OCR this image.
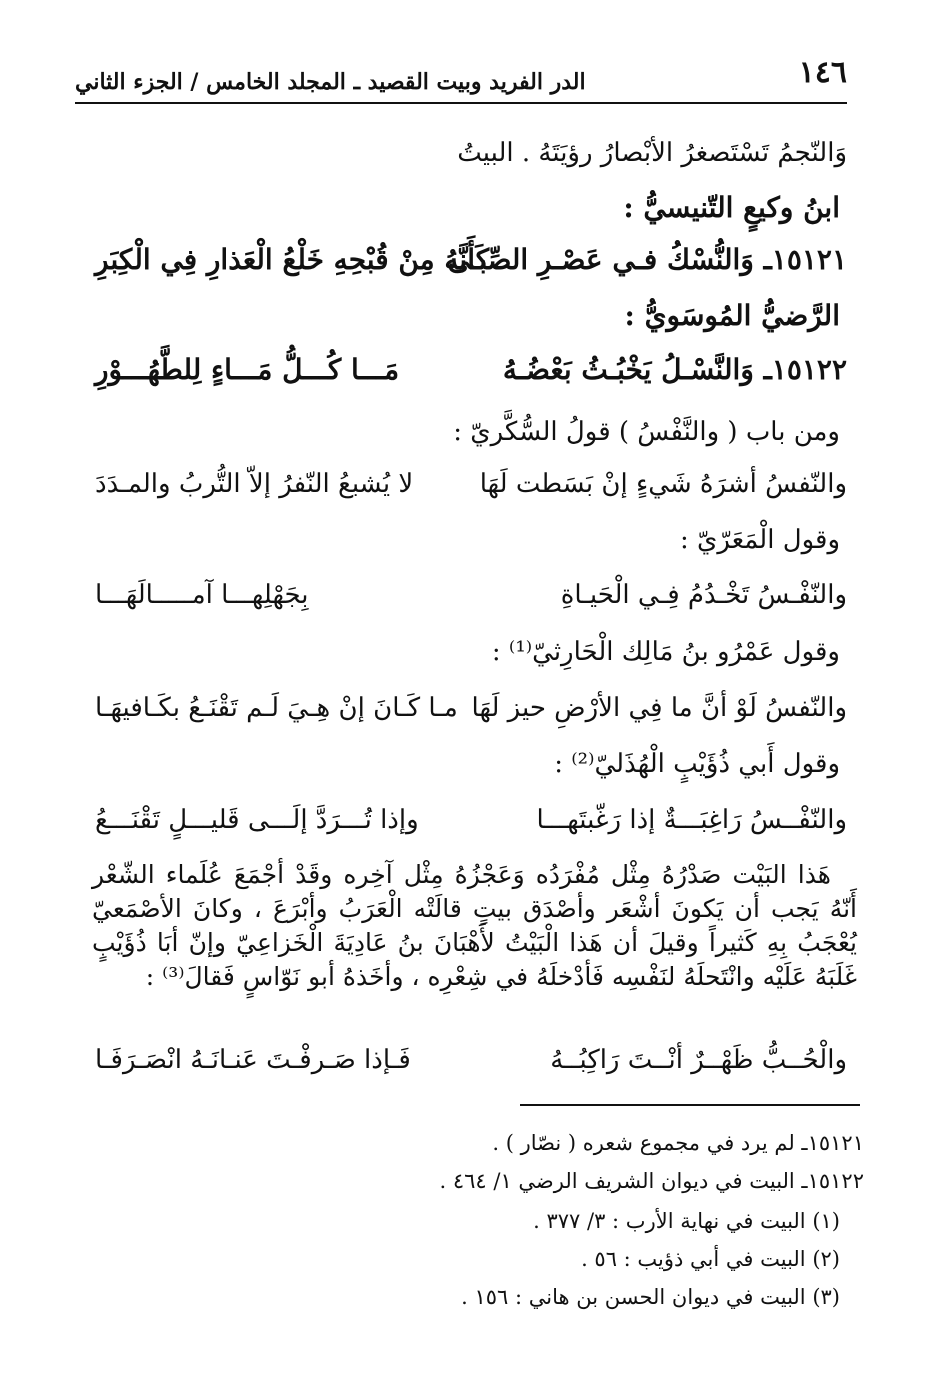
١٤٦
الدر الفريد وبيت القصيد ـ المجلد الخامس / الجزء الثاني
وَالنّجمُ تَسْتَصغرُ الأبْصارُ رؤيَتَهُ . البيتُ
ابنُ وكيعٍ التّنيسيُّ :
١٥١٢١ـ وَالنُّسْكُ فـي عَصْـرِ الصِّبـى
كَأَنَّهُ مِنْ قُبْحِهِ خَلْعُ الْعَذارِ فِي الْكِبَرِ
الرَّضيُّ المُوسَويُّ :
١٥١٢٢ـ وَالنَّسْـلُ يَخْبُـثُ بَعْضُـهُ
مَـــا كُـــلُّ مَـــاءٍ لِلطَّهُـــوْرِ
ومن باب ( والنَّفْسُ ) قولُ السُّكَّريّ :
والنّفسُ أشرَهُ شَيءٍ إنْ بَسَطت لَهَا
لا يُشبعُ النّفرُ إلاّ التُّربُ والمـدَدَ
وقول الْمَعَرّيّ :
والنّفْـسُ تَخْـدُمُ فِـي الْحَيـاةِ
بِجَهْلِهـــا آمـــــالَهَـــا
وقول عَمْرُو بنُ مَالِك الْحَارِثيّ⁽¹⁾ :
والنّفسُ لَوْ أنَّ ما فِي الأرْضِ حيز لَهَا
مـا كَـانَ إنْ هِـيَ لَـم تَقْنَـعُ بكَـافيهَـا
وقول أَبي ذُؤَيْبٍ الْهُذَليّ⁽²⁾ :
والنّفْــسُ رَاغِبَـــةٌ إذا رَغّبتَهـــا
وإذا تُـــرَدَّ إلَـــى قَليـــلٍ تَقْنَـــعُ
هَذا البَيْت صَدْرُهُ مِثْل مُفْرَدُه وَعَجْزُهُ مِثْل آخِره وقَدْ أجْمَعَ عُلَماء الشّعْر أَنّهُ يَجب أن يَكونَ أشْعَر وأصْدَق بيتٍ قالَتْه الْعَرَبُ وأبْرَعَ ، وكانَ الأصْمَعيّ يُعْجَبُ بِهِ كَثيراً وقيلَ أن هَذا الْبَيْتُ لأَهْبَانَ بنُ عَادِيَةَ الْخَزاعِيّ وإنّ أبَا ذُؤَيْبٍ غَلَبَهُ عَلَيْه وانْتَحلَهُ لنَفْسِه فَأدْخلَهُ في شِعْرِه ، وأخَذهُ أبو نَوّاسٍ فَقالَ⁽³⁾ :
والْحُــبُّ ظَهْــرٌ أنْــتَ رَاكِبُــهُ
فَـإذا صَـرفْـتَ عَنـانَـهُ انْصَـرَفَـا
١٥١٢١ـ لم يرد في مجموع شعره ( نصّار ) .
١٥١٢٢ـ البيت في ديوان الشريف الرضي ١/ ٤٦٤ .
(١) البيت في نهاية الأرب : ٣/ ٣٧٧ .
(٢) البيت في أبي ذؤيب : ٥٦ .
(٣) البيت في ديوان الحسن بن هاني : ١٥٦ .
